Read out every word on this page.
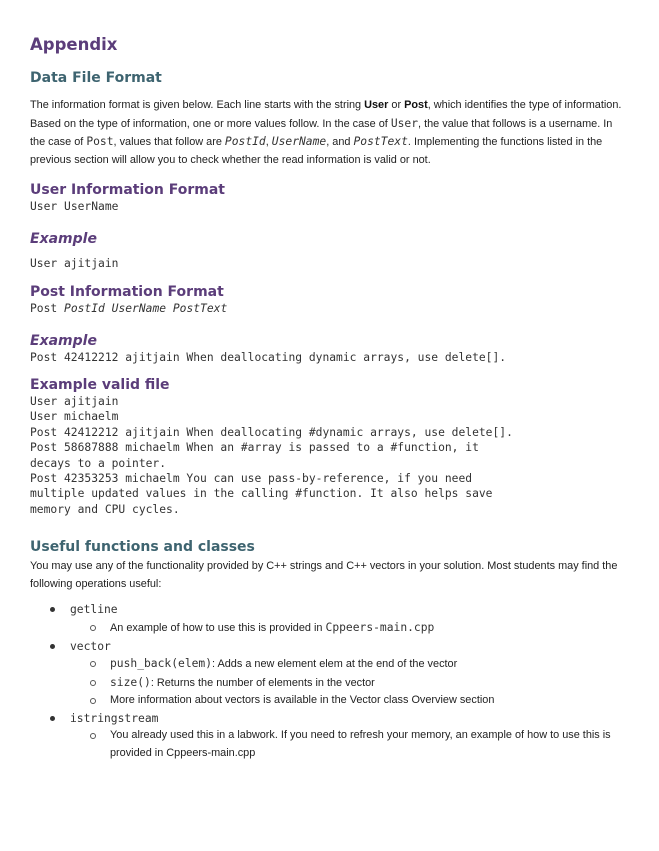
Appendix
Data File Format

The information format is given below. Each line starts with the string User or Post, which identifies the type of information. Based on the type of information, one or more values follow. In the case of User, the value that follows is a username. In the case of Post, values that follow are PostId, UserName, and PostText. Implementing the functions listed in the previous section will allow you to check whether the read information is valid or not.

User Information Format
User UserName
Example
User ajitjain
Post Information Format
Post PostId UserName PostText
Example
Post 42412212 ajitjain When deallocating dynamic arrays, use delete[].
Example valid file
User ajitjain
User michaelm
Post 42412212 ajitjain When deallocating #dynamic arrays, use delete[].
Post 58687888 michaelm When an #array is passed to a #function, it
decays to a pointer.
Post 42353253 michaelm You can use pass-by-reference, if you need
multiple updated values in the calling #function. It also helps save
memory and CPU cycles.
Useful functions and classes

You may use any of the functionality provided by C++ strings and C++ vectors in your solution. Most students may find the following operations useful:

getline
An example of how to use this is provided in Cppeers-main.cpp
vector
push_back(elem): Adds a new element elem at the end of the vector
size(): Returns the number of elements in the vector
More information about vectors is available in the Vector class Overview section
istringstream
You already used this in a labwork. If you need to refresh your memory, an example of how to use this is provided in Cppeers-main.cpp
